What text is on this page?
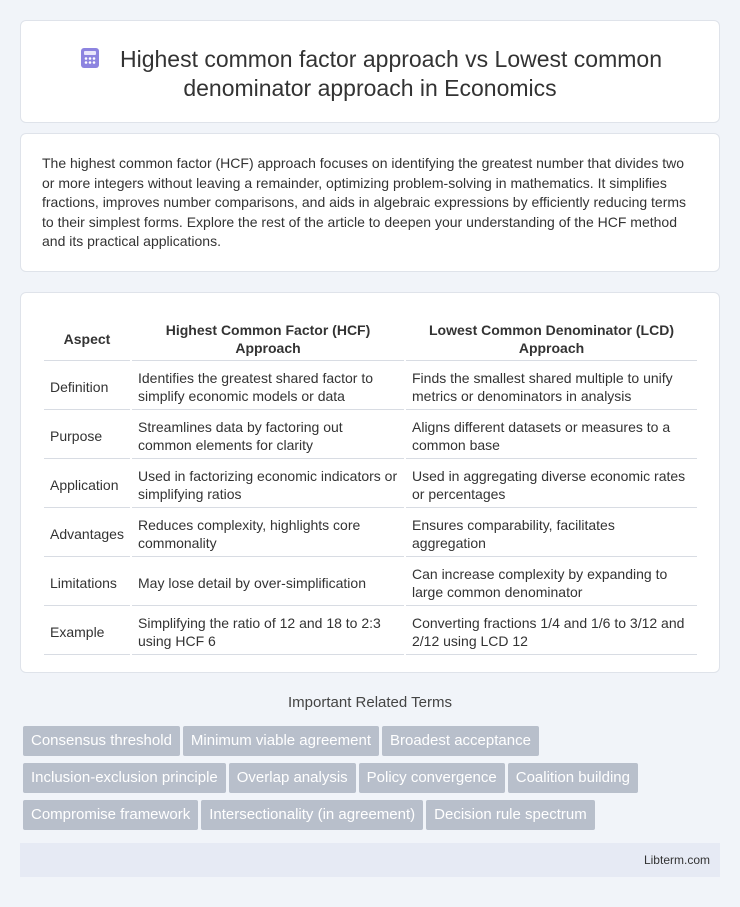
Highest common factor approach vs Lowest common denominator approach in Economics

The highest common factor (HCF) approach focuses on identifying the greatest number that divides two or more integers without leaving a remainder, optimizing problem-solving in mathematics. It simplifies fractions, improves number comparisons, and aids in algebraic expressions by efficiently reducing terms to their simplest forms. Explore the rest of the article to deepen your understanding of the HCF method and its practical applications.

Aspect	Highest Common Factor (HCF) Approach	Lowest Common Denominator (LCD) Approach
Definition	Identifies the greatest shared factor to simplify economic models or data	Finds the smallest shared multiple to unify metrics or denominators in analysis
Purpose	Streamlines data by factoring out common elements for clarity	Aligns different datasets or measures to a common base
Application	Used in factorizing economic indicators or simplifying ratios	Used in aggregating diverse economic rates or percentages
Advantages	Reduces complexity, highlights core commonality	Ensures comparability, facilitates aggregation
Limitations	May lose detail by over-simplification	Can increase complexity by expanding to large common denominator
Example	Simplifying the ratio of 12 and 18 to 2:3 using HCF 6	Converting fractions 1/4 and 1/6 to 3/12 and 2/12 using LCD 12
Important Related Terms
Consensus threshold Minimum viable agreement Broadest acceptance
Inclusion-exclusion principle Overlap analysis Policy convergence Coalition building
Compromise framework Intersectionality (in agreement) Decision rule spectrum
Libterm.com
